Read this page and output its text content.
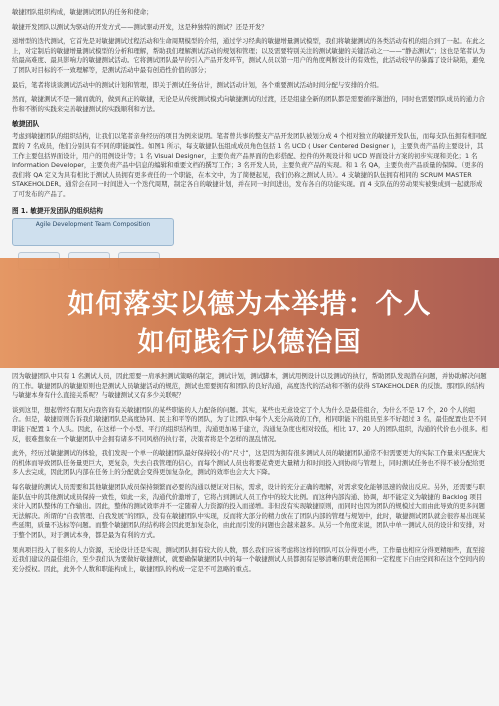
敏捷团队组织构成，敏捷测试团队的任务和使命；

敏捷开发团队以测试为驱动的开发方式——测试驱动开发，这是种独特的测试？还是开发？

递增型的迭代测试，它首先是对敏捷测试过程活动和生命周期模型的介绍，通过学习经典的敏捷增量测试模型，我们将敏捷测试的各类活动有机的组合到了一起。在此之上，对定制后的敏捷增量测试模型的分析和理解，帮助我们理解测试活动的规划和管理；以及需要特别关注的测试敏捷的关键活动之一——“静态测试”；这也是笔者认为给最高难度、最具影响力的敏捷测试活动。它将测试团队最早的引入产品开发环节，测试人员以第一用户的角度判断设计的有效性，此活动较早的暴露了设计缺陷，避免了团队对目标的不一致理解等，是测试活动中最有创造性价值的部分；

最后，笔者将谈谈测试活动中的测试计划和管理，即关于测试任务估计，测试活动计划，各个重要测试活动时间分配与安排的介绍。

然而，敏捷测试不是一蹴而就的，做到真正的敏捷，无论是从传统测试模式向敏捷测试的过渡，还是组建全新的团队都是需要循序渐进的，同时也需要团队成员的通力合作和不断的实践来完善敏捷测试的实践顺利和方法。

敏捷团队

考虑到敏捷团队的组织结构，让我们以笔者亲身经历的项目为例来说明。笔者曾共事的整支产品开发团队被划分成 4 个相对独立的敏捷开发队伍，而每支队伍拥有相同配置的 7 名成员，他们分别具有不同的职能属性。如图1 所示，每支敏捷队伍组成成员角色包括 1 名 UCD ( User Centered Designer )，主要负责产品的主要设计，其工作主要包括界面设计，用户的用例设计等；1 名 Visual Designer，主要负责产品界面的色彩搭配、控件的外观设计和 UCD 界面设计方案的初步实现和美化；1 名 Information Developer，主要负责产品中信息的编辑和重要文档的撰写工作；3 名开发人员，主要负责产品的实现。和 1 名 QA，主要负责产品质量的保障。（更多的我们将 QA 定义为具有相比于测试人员拥有更多责任的一个职能，在本文中，为了简便起见，我们仍称之测试人员）。4 支敏捷的队伍拥有相同的 SCRUM MASTER STAKEHOLDER。通常会在同一时间进入一个迭代周期，制定各自的敏捷计划，并在同一时间进出，发布各自的功能实现。而 4 支队伍的劳动果实被集成到一起就形成了可发布的产品了。

图 1. 敏捷开发团队的组织结构
Agile Development Team Composition
如何落实以德为本举措：个人
如何践行以德治国

因为敏捷团队中只有 1 名测试人员，因此需要一肩承担测试策略的制定，测试计划，测试脚本，测试用例设计以及测试的执行，帮助团队发现潜在问题，并协助解决问题的工作。敏捷团队的敏捷原则也是测试人员敏捷活动的规范，测试也需要拥有和团队的良好沟通，高度迭代的活动和不断的获得 STAKEHOLDER 的反馈。那团队的结构与敏捷本身有什么直接关系呢？与敏捷测试又有多少关联呢？

谈到这里，想起曾经有朋友向我咨询有关敏捷团队的某些职能的人力配备的问题。其实，某些也无意设定了个人为什么是最佳组合，为什么不是 17 个，20 个人的组合。但是，敏捷原则告诉我们敏捷团队是高度协同、民主和平等的团队，为了让团队中每个人充分高效的工作，相同职能下的组员至多不好超过 3 名，最佳配置也是不同职能下配置 1 个人头。因此，在这样一个小型、平行的组织结构里，沟通更加易于建立，沟通复杂度也相对较低，相比 17、20 人的团队组织，沟通的代价也小很多。相反，很难想象在一个敏捷团队中会拥有诸多不同风格的执行者，决策者将是个怎样的混乱情况。

此外，经历过敏捷测试的体验，我们发现一个单一的敏捷团队最好保持较小的“尺寸”，这是因为拥有很多测试人员的敏捷团队通常不但需要更大的实际工作量来匹配庞大的机体而导致团队任务量更巨大，更复杂，失去自我管理的信心，而每个测试人员也将要花费更大量精力和时间投入到协商与管理上，同时测试任务也不得不被分配给更多人去完成，因此团队内部在任务上的分配就会变得更加复杂化，测试的效率也会大大下降。

每名敏捷的测试人员需要和其他敏捷团队成员保持频繁而必要的沟通以便证对目标，需求，设计的充分正确的理解，对需求变化能够迅速的做出反应。另外，还需要与职能队伍中的其他测试成员保持一致性，如此一来，沟通代价激增了，它将占到测试人员工作中的较大比例。而这种内部沟通、协调，却不能定义为敏捷的 Backlog 项目来计入团队整体的工作输出。因此，整体的测试效率并不一定随着人力资源的投入而递增。非但没有实现敏捷原则，而同时也因为团队的规模过大而由此导致的更多问题无法解决。所谓的“自我管理、自我发展”的团队，没有在敏捷团队中实现，反而将大部分的精力放在了团队内部的管理与规划中，此时，敏捷测试团队就会很容易出现某些延期，质量不达标等问题。而整个敏捷团队的结构将会因此更加复杂化，由此而引发的问题也会越来越多。从另一个角度来说，团队中单一测试人员的设计和安排，对于整个团队，对于测试本身，都是最为有利的方式。

果真项目投入了很多的人力资源，无论设计还是实现，测试团队拥有较大的人数，那么我们应该考虑将这样的团队可以分得更小些，工作量也相应分得更精细些，直至接近我们建议的最佳组合，至少我们认为要做好敏捷测试，就要确保敏捷团队中的每一个敏捷测试人员都拥有足够清晰的职责范围和一定程度下自由空间和在这个空间内的充分授权。因此，此外个人数和职能构成上，敏捷团队的构成一定是不可忽略的重点。
